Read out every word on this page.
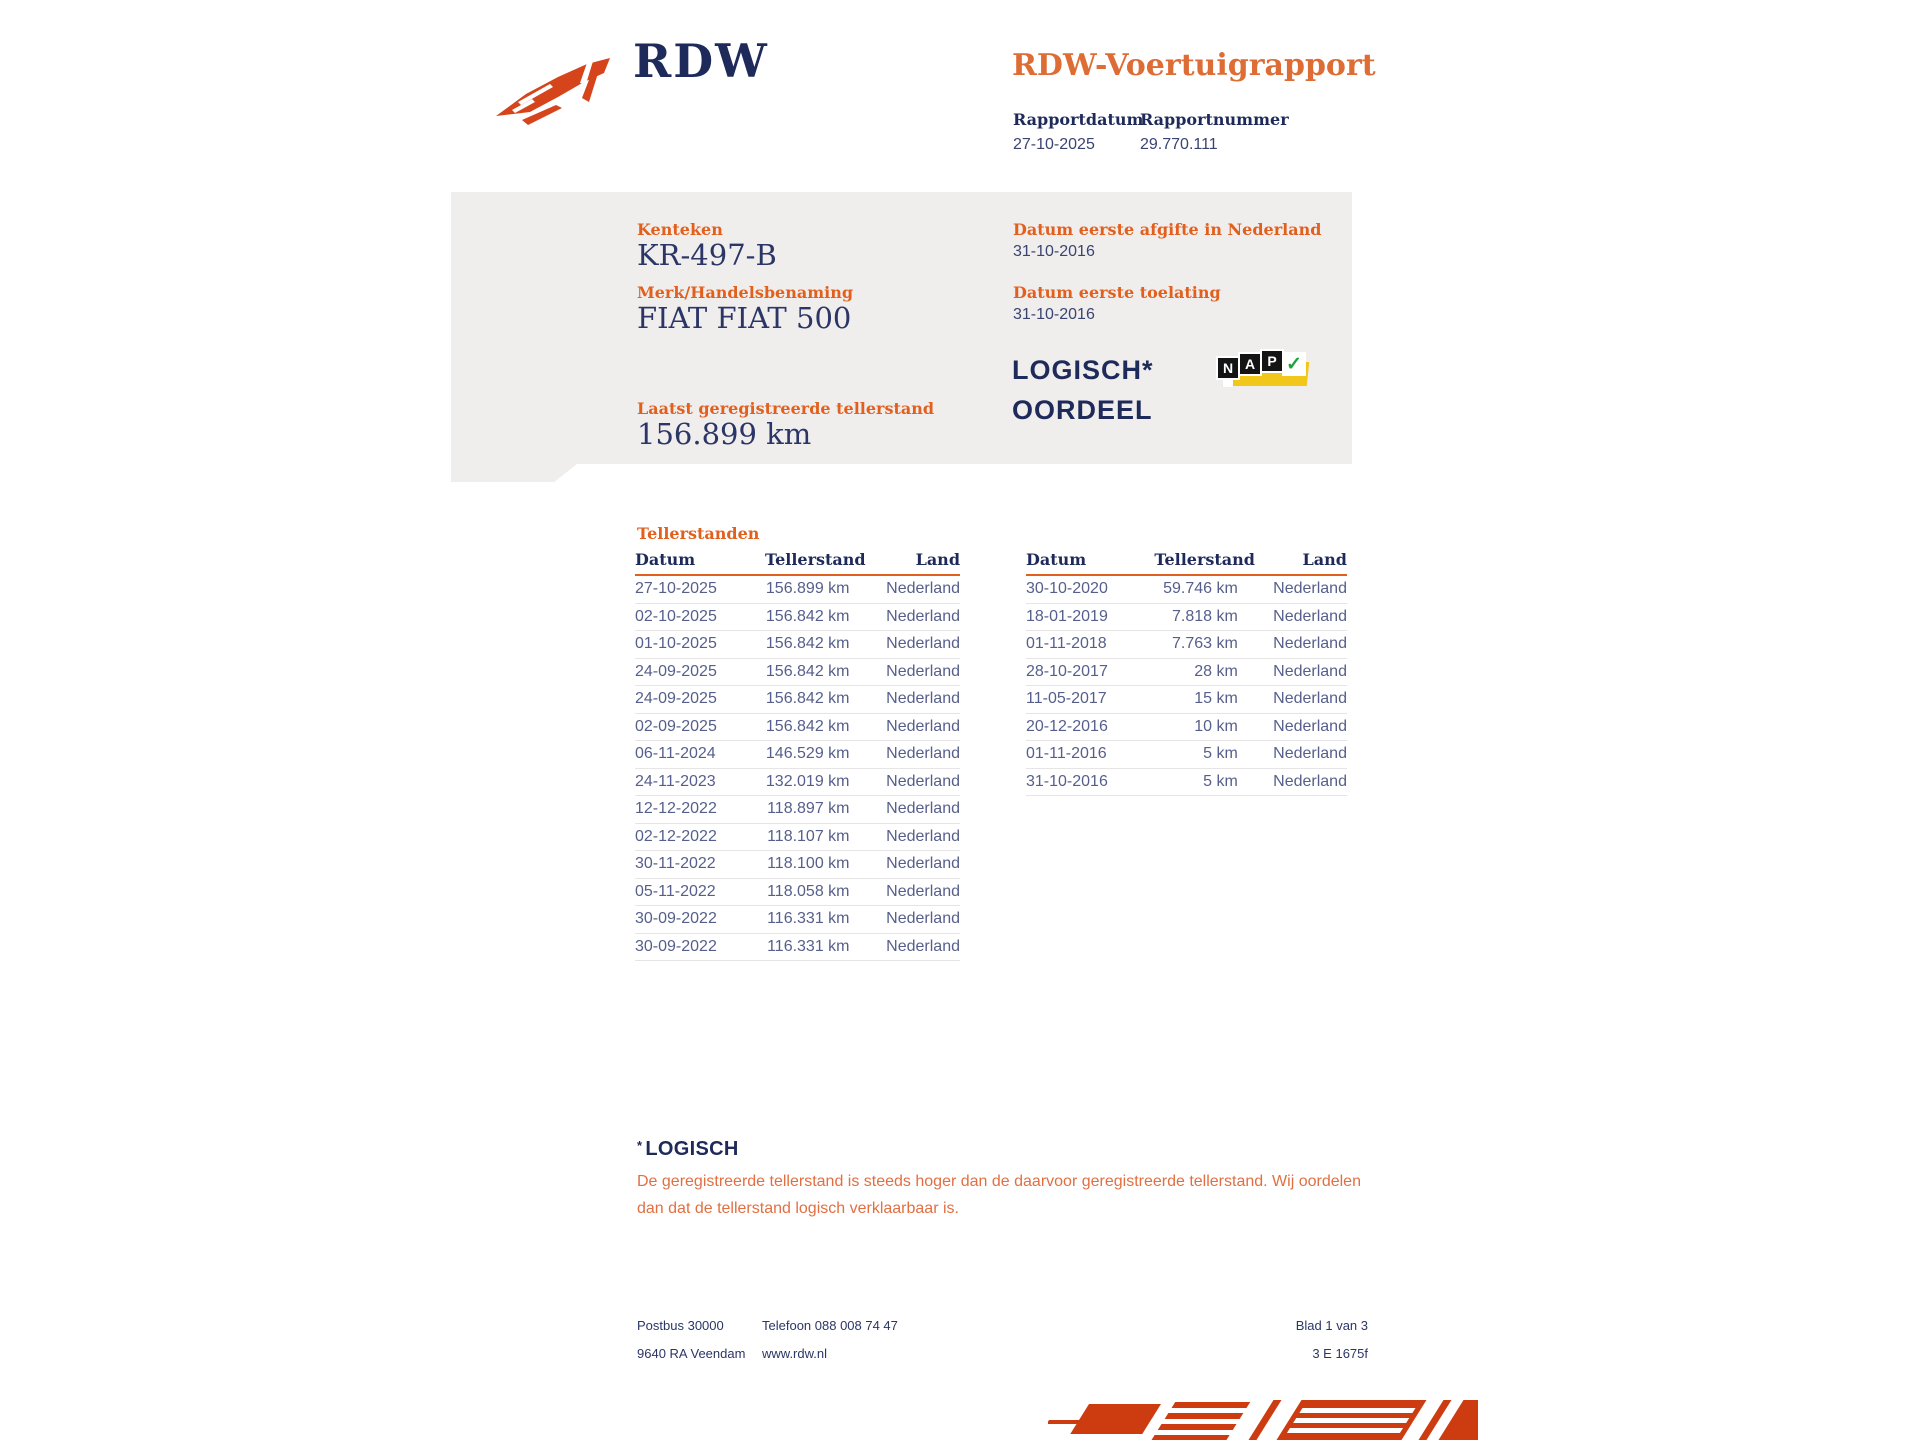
RDW	RDW-Voertuigrapport
Rapportdatum
Rapportnummer
27-10-2025	29.770.111
Kenteken
KR-497-B
Merk/Handelsbenaming
FIAT FIAT 500
Laatst geregistreerde tellerstand
156.899 km
Datum eerste afgifte in Nederland
31-10-2016
Datum eerste toelating
31-10-2016
LOGISCH*
OORDEEL
N A P ✓
Tellerstanden
Datum	Tellerstand	Land
27-10-2025	156.899 km	Nederland
02-10-2025	156.842 km	Nederland
01-10-2025	156.842 km	Nederland
24-09-2025	156.842 km	Nederland
24-09-2025	156.842 km	Nederland
02-09-2025	156.842 km	Nederland
06-11-2024	146.529 km	Nederland
24-11-2023	132.019 km	Nederland
12-12-2022	118.897 km	Nederland
02-12-2022	118.107 km	Nederland
30-11-2022	118.100 km	Nederland
05-11-2022	118.058 km	Nederland
30-09-2022	116.331 km	Nederland
30-09-2022	116.331 km	Nederland
Datum	Tellerstand	Land
30-10-2020	59.746 km	Nederland
18-01-2019	7.818 km	Nederland
01-11-2018	7.763 km	Nederland
28-10-2017	28 km	Nederland
11-05-2017	15 km	Nederland
20-12-2016	10 km	Nederland
01-11-2016	5 km	Nederland
31-10-2016	5 km	Nederland
* LOGISCH
De geregistreerde tellerstand is steeds hoger dan de daarvoor geregistreerde tellerstand. Wij oordelen dan dat de tellerstand logisch verklaarbaar is.
Postbus 30000
9640 RA Veendam
Telefoon 088 008 74 47
www.rdw.nl
Blad 1 van 3
3 E 1675f
